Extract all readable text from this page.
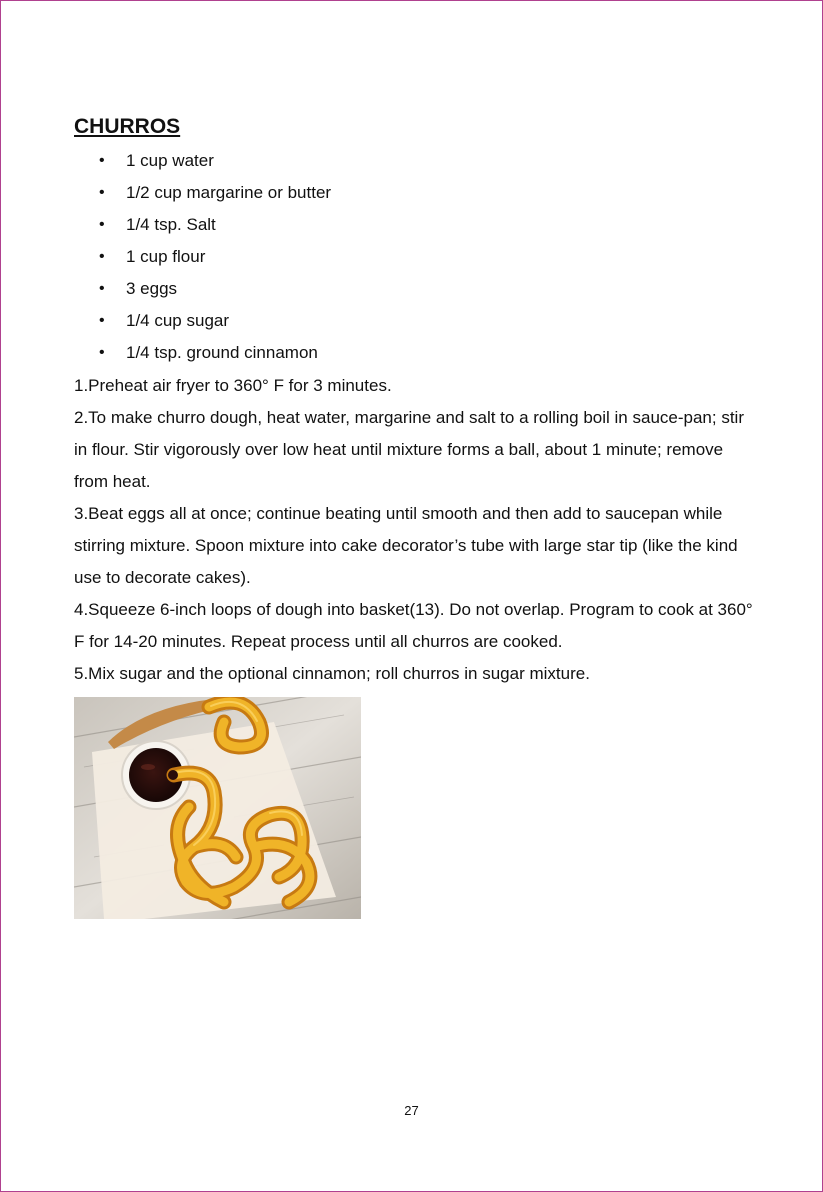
CHURROS
• 1 cup water
• 1/2 cup margarine or butter
• 1/4 tsp. Salt
• 1 cup flour
• 3 eggs
• 1/4 cup sugar
• 1/4 tsp. ground cinnamon

1.Preheat air fryer to 360° F for 3 minutes.

2.To make churro dough, heat water, margarine and salt to a rolling boil in sauce-pan; stir in flour. Stir vigorously over low heat until mixture forms a ball, about 1 minute; remove from heat.

3.Beat eggs all at once; continue beating until smooth and then add to saucepan while stirring mixture. Spoon mixture into cake decorator’s tube with large star tip (like the kind use to decorate cakes).

4.Squeeze 6-inch loops of dough into basket(13). Do not overlap. Program to cook at 360° F for 14-20 minutes. Repeat process until all churros are cooked.

5.Mix sugar and the optional cinnamon; roll churros in sugar mixture.

27
